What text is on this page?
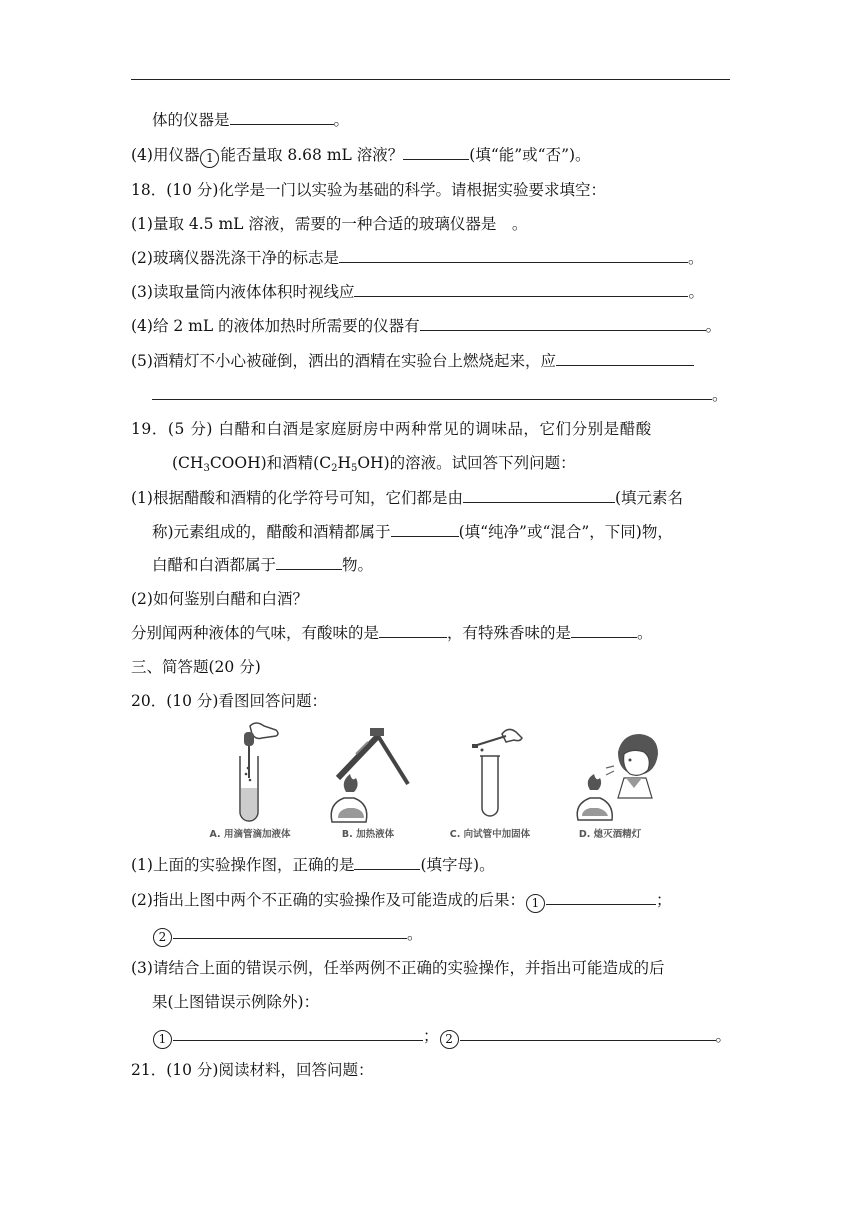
体的仪器是	。
(4)用仪器 1 能否量取 8.68 mL 溶液？	(填“能”或“否”)。
18．(10 分)化学是一门以实验为基础的科学。请根据实验要求填空：
(1)量取 4.5 mL 溶液，需要的一种合适的玻璃仪器是　。
(2)玻璃仪器洗涤干净的标志是	。
(3)读取量筒内液体体积时视线应	。
(4)给 2 mL 的液体加热时所需要的仪器有	。
(5)酒精灯不小心被碰倒，洒出的酒精在实验台上燃烧起来，应
。
19．(5 分) 白醋和白酒是家庭厨房中两种常见的调味品，它们分别是醋酸
$(CH_3COOH)$和酒精$(C_2H_5OH)$的溶液。试回答下列问题：
(1)根据醋酸和酒精的化学符号可知，它们都是由	(填元素名
称)元素组成的，醋酸和酒精都属于	(填“纯净”或“混合”，下同)物，
白醋和白酒都属于	物。
(2)如何鉴别白醋和白酒？
分别闻两种液体的气味，有酸味的是	，有特殊香味的是	。
三、简答题(20 分)
20．(10 分)看图回答问题：
A. 用滴管滴加液体	B. 加热液体	C. 向试管中加固体	D. 熄灭酒精灯
(1)上面的实验操作图，正确的是	(填字母)。
(2)指出上图中两个不正确的实验操作及可能造成的后果： 1	；
2	。
(3)请结合上面的错误示例，任举两例不正确的实验操作，并指出可能造成的后
果(上图错误示例除外)：
1	； 2	。
21．(10 分)阅读材料，回答问题：
